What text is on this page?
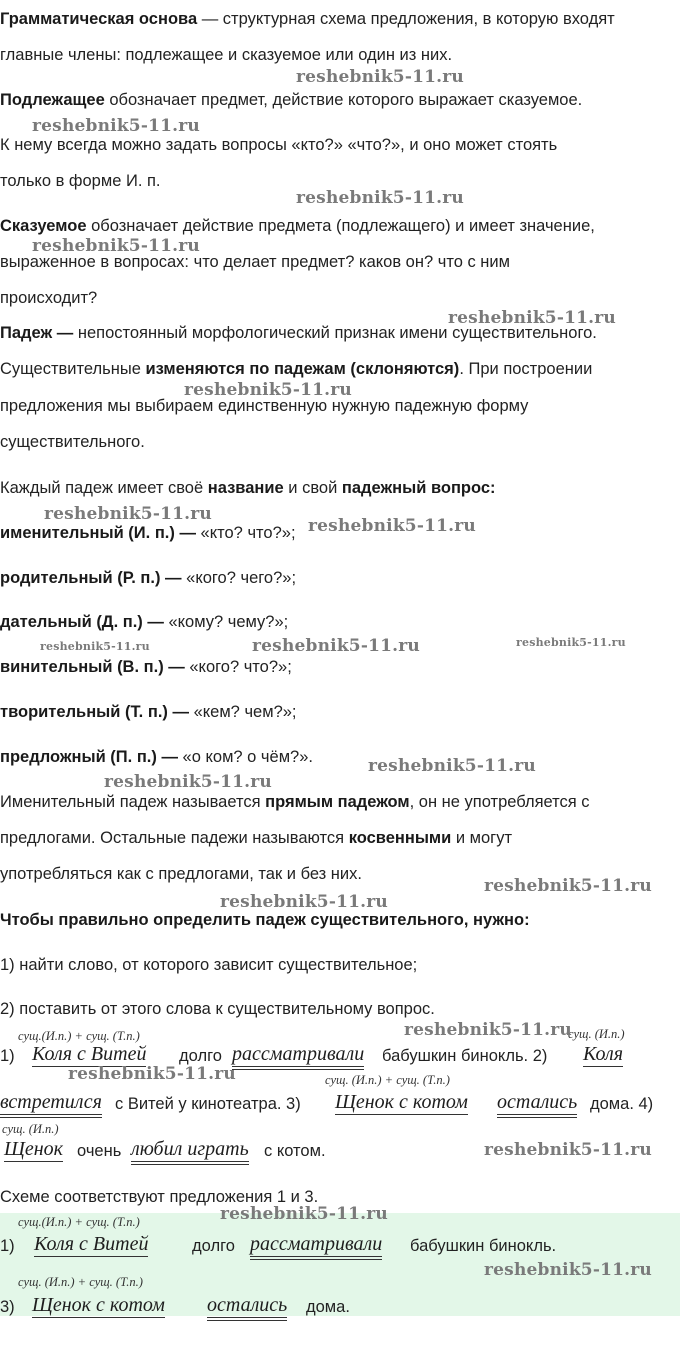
Грамматическая основа — структурная схема предложения, в которую входят
главные члены: подлежащее и сказуемое или один из них.
Подлежащее обозначает предмет, действие которого выражает сказуемое.
К нему всегда можно задать вопросы «кто?» «что?», и оно может стоять
только в форме И. п.
Сказуемое обозначает действие предмета (подлежащего) и имеет значение,
выраженное в вопросах: что делает предмет? каков он? что с ним
происходит?
Падеж — непостоянный морфологический признак имени существительного.
Существительные изменяются по падежам (склоняются). При построении
предложения мы выбираем единственную нужную падежную форму
существительного.
Каждый падеж имеет своё название и свой падежный вопрос:
именительный (И. п.) — «кто? что?»;
родительный (Р. п.) — «кого? чего?»;
дательный (Д. п.) — «кому? чему?»;
винительный (В. п.) — «кого? что?»;
творительный (Т. п.) — «кем? чем?»;
предложный (П. п.) — «о ком? о чём?».
Именительный падеж называется прямым падежом, он не употребляется с
предлогами. Остальные падежи называются косвенными и могут
употребляться как с предлогами, так и без них.
Чтобы правильно определить падеж существительного, нужно:
1) найти слово, от которого зависит существительное;
2) поставить от этого слова к существительному вопрос.
сущ.(И.п.) + сущ. (Т.п.)	сущ. (И.п.)
1) Коля с Витей долго рассматривали бабушкин бинокль. 2) Коля
сущ. (И.п.) + сущ. (Т.п.)
встретился с Витей у кинотеатра. 3) Щенок с котом остались дома. 4)
сущ. (И.п.)
Щенок очень любил играть с котом.
Схеме соответствуют предложения 1 и 3.
сущ.(И.п.) + сущ. (Т.п.)
1) Коля с Витей	долго рассматривали бабушкин бинокль.
сущ. (И.п.) + сущ. (Т.п.)
3) Щенок с котом остались дома.
reshebnik5-11.ru
reshebnik5-11.ru
reshebnik5-11.ru
reshebnik5-11.ru
reshebnik5-11.ru
reshebnik5-11.ru
reshebnik5-11.ru
reshebnik5-11.ru
reshebnik5-11.ru	reshebnik5-11.ru	reshebnik5-11.ru
reshebnik5-11.ru
reshebnik5-11.ru
reshebnik5-11.ru
reshebnik5-11.ru
reshebnik5-11.ru
reshebnik5-11.ru
reshebnik5-11.ru
reshebnik5-11.ru
reshebnik5-11.ru
